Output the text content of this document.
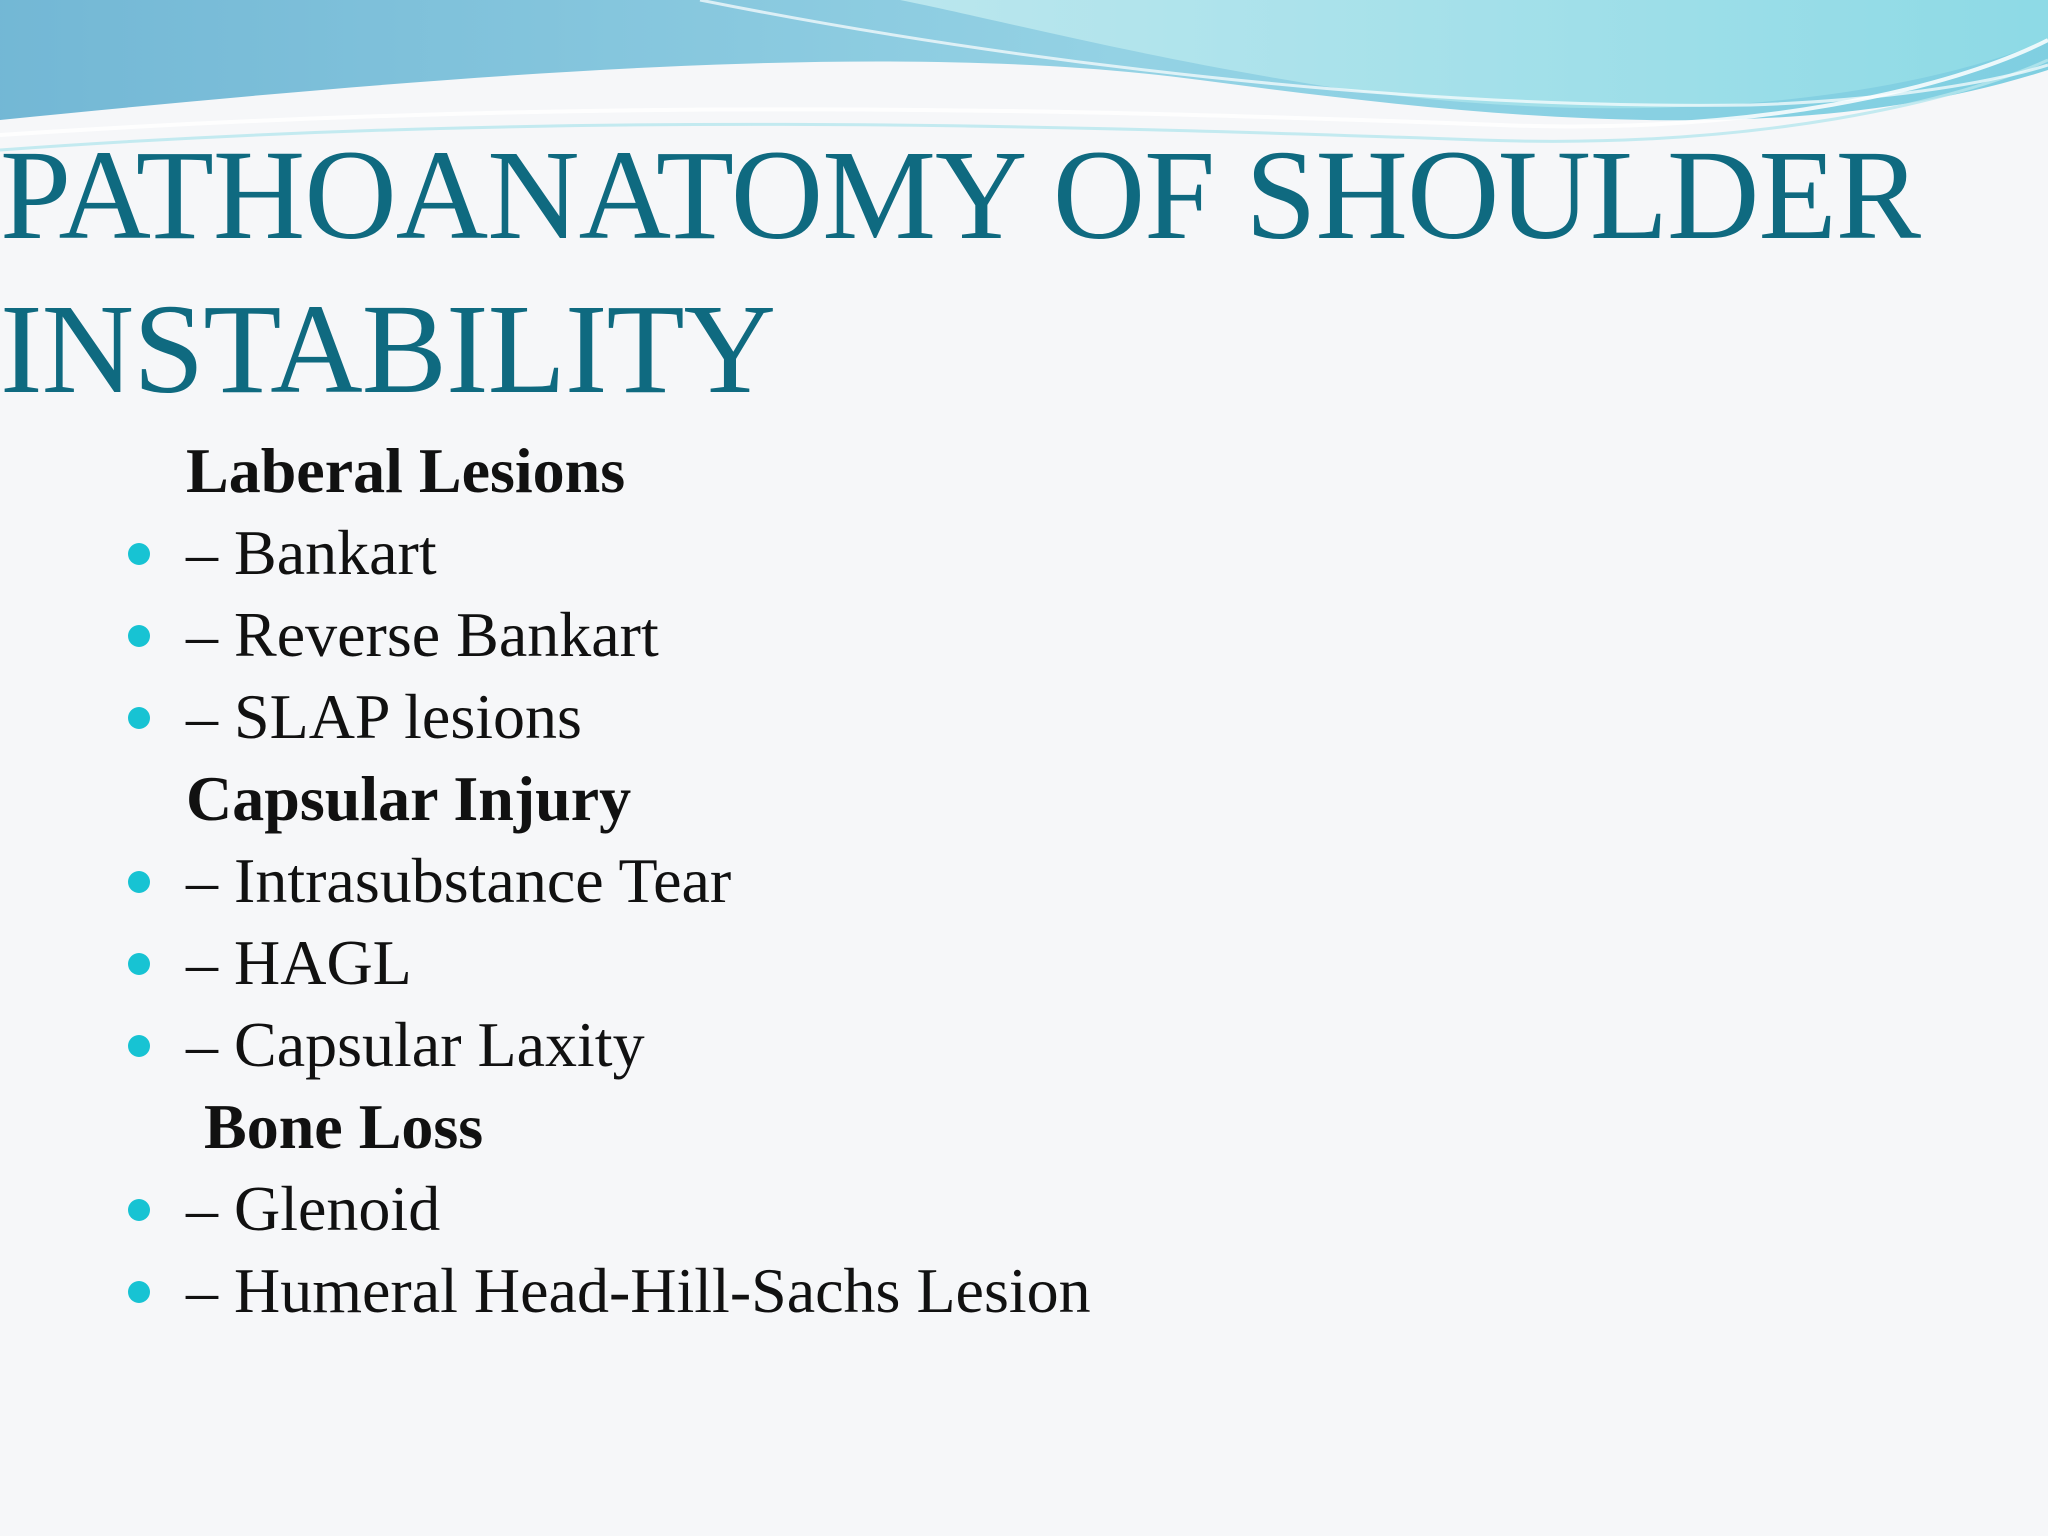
PATHOANATOMY OF SHOULDER INSTABILITY
Laberal Lesions
– Bankart
– Reverse Bankart
– SLAP lesions
Capsular Injury
– Intrasubstance Tear
– HAGL
– Capsular Laxity
Bone Loss
– Glenoid
– Humeral Head-Hill-Sachs Lesion
